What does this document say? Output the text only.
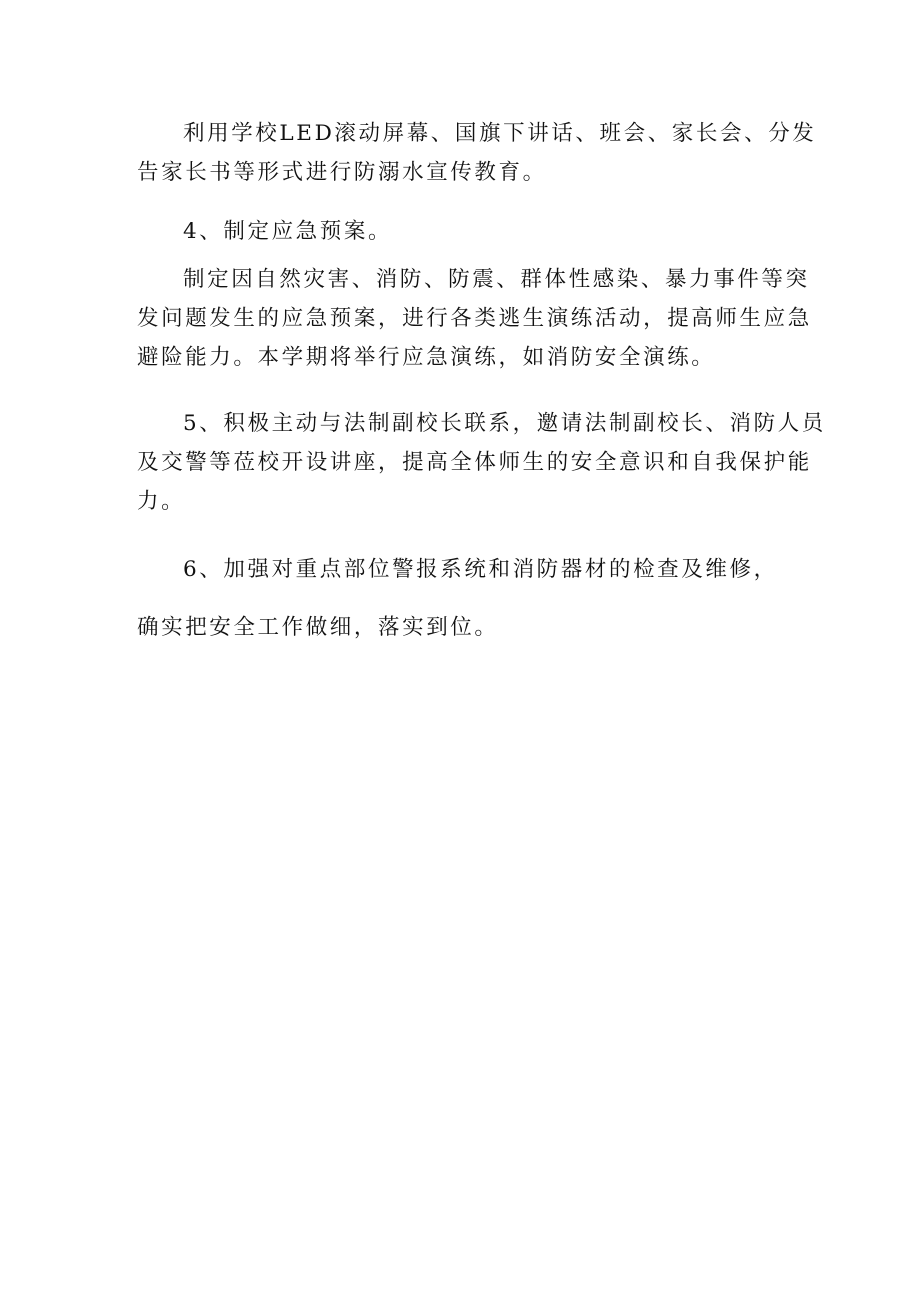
利用学校LED滚动屏幕、国旗下讲话、班会、家长会、分发
告家长书等形式进行防溺水宣传教育。

4、制定应急预案。

制定因自然灾害、消防、防震、群体性感染、暴力事件等突
发问题发生的应急预案，进行各类逃生演练活动，提高师生应急
避险能力。本学期将举行应急演练，如消防安全演练。

5、积极主动与法制副校长联系，邀请法制副校长、消防人员
及交警等莅校开设讲座，提高全体师生的安全意识和自我保护能
力。

6、加强对重点部位警报系统和消防器材的检查及维修，

确实把安全工作做细，落实到位。
